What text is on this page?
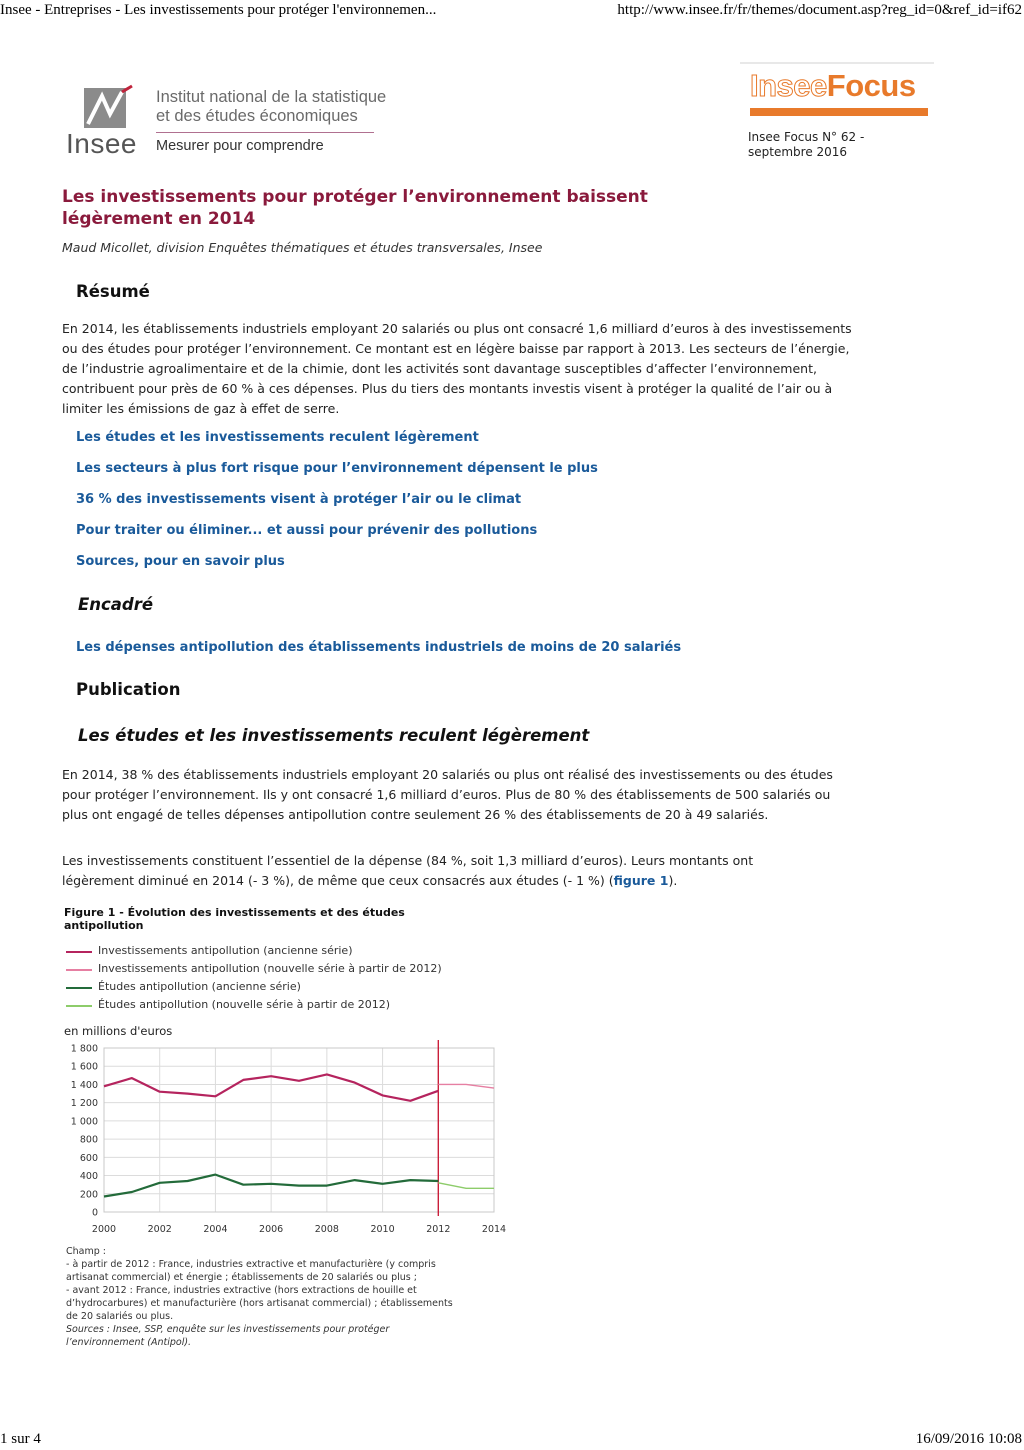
Insee - Entreprises - Les investissements pour protéger l'environnemen...	http://www.insee.fr/fr/themes/document.asp?reg_id=0&ref_id=if62
Insee
Institut national de la statistique
et des études économiques
Mesurer pour comprendre
InseeFocus
Insee Focus N° 62 -
septembre 2016
Les investissements pour protéger l’environnement baissent légèrement en 2014
Maud Micollet, division Enquêtes thématiques et études transversales, Insee
Résumé
En 2014, les établissements industriels employant 20 salariés ou plus ont consacré 1,6 milliard d’euros à des investissements ou des études pour protéger l’environnement. Ce montant est en légère baisse par rapport à 2013. Les secteurs de l’énergie, de l’industrie agroalimentaire et de la chimie, dont les activités sont davantage susceptibles d’affecter l’environnement, contribuent pour près de 60 % à ces dépenses. Plus du tiers des montants investis visent à protéger la qualité de l’air ou à limiter les émissions de gaz à effet de serre.
Les études et les investissements reculent légèrement
Les secteurs à plus fort risque pour l’environnement dépensent le plus
36 % des investissements visent à protéger l’air ou le climat
Pour traiter ou éliminer... et aussi pour prévenir des pollutions
Sources, pour en savoir plus
Encadré
Les dépenses antipollution des établissements industriels de moins de 20 salariés
Publication
Les études et les investissements reculent légèrement
En 2014, 38 % des établissements industriels employant 20 salariés ou plus ont réalisé des investissements ou des études pour protéger l’environnement. Ils y ont consacré 1,6 milliard d’euros. Plus de 80 % des établissements de 500 salariés ou plus ont engagé de telles dépenses antipollution contre seulement 26 % des établissements de 20 à 49 salariés.
Les investissements constituent l’essentiel de la dépense (84 %, soit 1,3 milliard d’euros). Leurs montants ont légèrement diminué en 2014 (- 3 %), de même que ceux consacrés aux études (- 1 %) (figure 1).
Figure 1 - Évolution des investissements et des études antipollution
Investissements antipollution (ancienne série)
Investissements antipollution (nouvelle série à partir de 2012)
Études antipollution (ancienne série)
Études antipollution (nouvelle série à partir de 2012)
en millions d'euros
0
200
400
600
800
1 000
1 200
1 400
1 600
1 800
2000	2002	2004	2006	2008	2010	2012	2014
Champ :
- à partir de 2012 : France, industries extractive et manufacturière (y compris artisanat commercial) et énergie ; établissements de 20 salariés ou plus ;
- avant 2012 : France, industries extractive (hors extractions de houille et d’hydrocarbures) et manufacturière (hors artisanat commercial) ; établissements de 20 salariés ou plus.
Sources : Insee, SSP, enquête sur les investissements pour protéger l’environnement (Antipol).
1 sur 4	16/09/2016 10:08
